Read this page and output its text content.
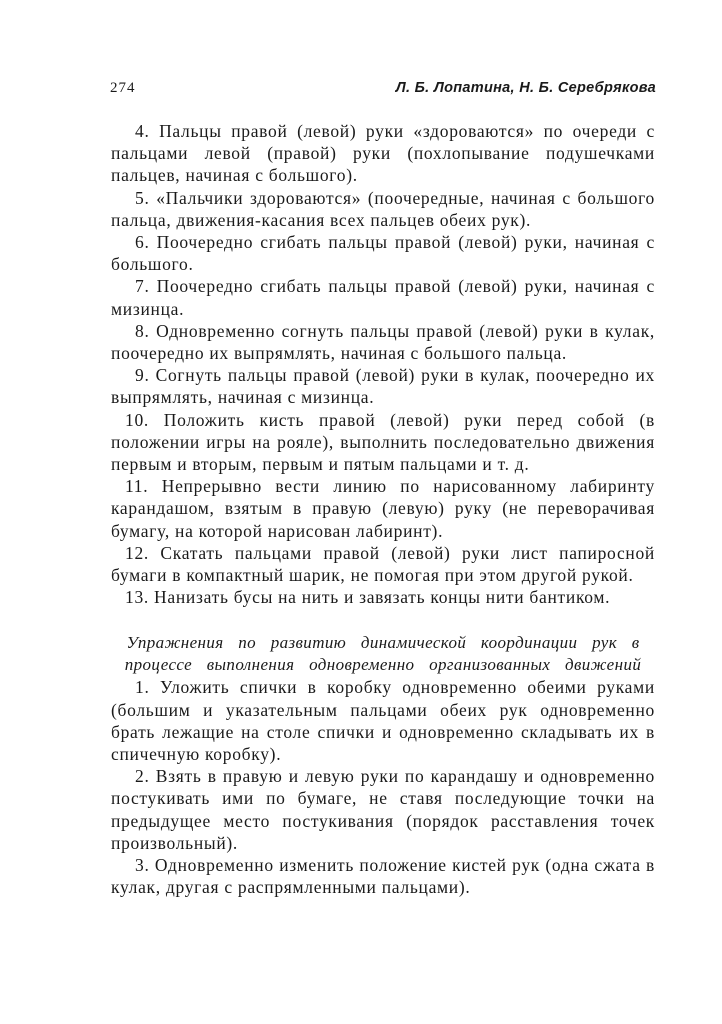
274	Л. Б. Лопатина, Н. Б. Серебрякова

4. Пальцы правой (левой) руки «здороваются» по очереди с пальцами левой (правой) руки (похлопывание подушечками пальцев, начиная с большого).

5. «Пальчики здороваются» (поочередные, начиная с большого пальца, движения-касания всех пальцев обеих рук).

6. Поочередно сгибать пальцы правой (левой) руки, начиная с большого.

7. Поочередно сгибать пальцы правой (левой) руки, начиная с мизинца.

8. Одновременно согнуть пальцы правой (левой) руки в кулак, поочередно их выпрямлять, начиная с большого пальца.

9. Согнуть пальцы правой (левой) руки в кулак, поочередно их выпрямлять, начиная с мизинца.

10. Положить кисть правой (левой) руки перед собой (в положении игры на рояле), выполнить последовательно движения первым и вторым, первым и пятым пальцами и т. д.

11. Непрерывно вести линию по нарисованному лабиринту карандашом, взятым в правую (левую) руку (не переворачивая бумагу, на которой нарисован лабиринт).

12. Скатать пальцами правой (левой) руки лист папиросной бумаги в компактный шарик, не помогая при этом другой рукой.

13. Нанизать бусы на нить и завязать концы нити бантиком.

Упражнения по развитию динамической координации рук в процессе выполнения одновременно организованных движений

1. Уложить спички в коробку одновременно обеими руками (большим и указательным пальцами обеих рук одновременно брать лежащие на столе спички и одновременно складывать их в спичечную коробку).

2. Взять в правую и левую руки по карандашу и одновременно постукивать ими по бумаге, не ставя последующие точки на предыдущее место постукивания (порядок расставления точек произвольный).

3. Одновременно изменить положение кистей рук (одна сжата в кулак, другая с распрямленными пальцами).
